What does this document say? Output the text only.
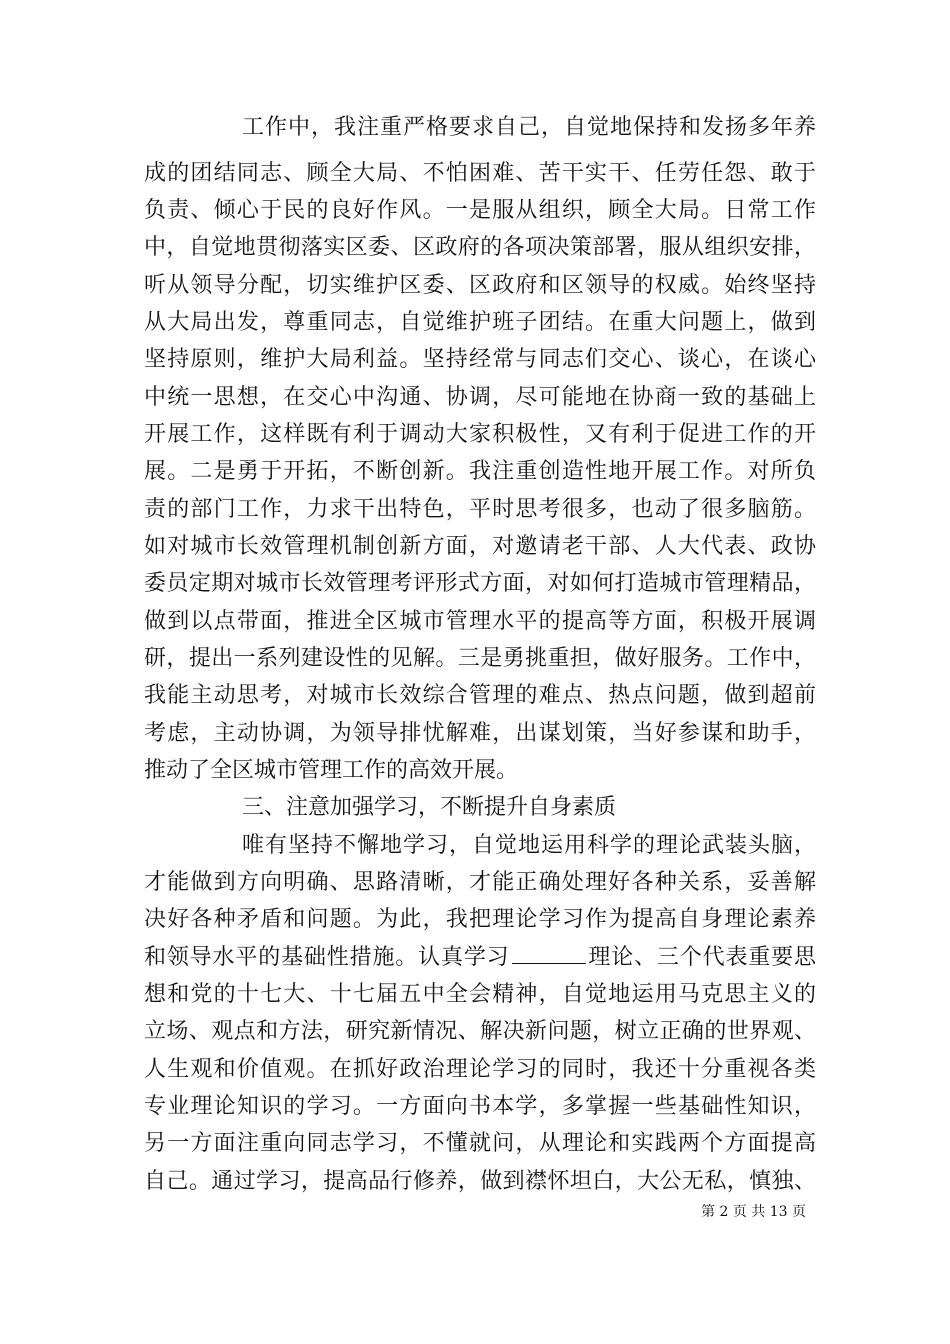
工作中，我注重严格要求自己，自觉地保持和发扬多年养
成的团结同志、顾全大局、不怕困难、苦干实干、任劳任怨、敢于
负责、倾心于民的良好作风。一是服从组织，顾全大局。日常工作
中，自觉地贯彻落实区委、区政府的各项决策部署，服从组织安排，
听从领导分配，切实维护区委、区政府和区领导的权威。始终坚持
从大局出发，尊重同志，自觉维护班子团结。在重大问题上，做到
坚持原则，维护大局利益。坚持经常与同志们交心、谈心，在谈心
中统一思想，在交心中沟通、协调，尽可能地在协商一致的基础上
开展工作，这样既有利于调动大家积极性，又有利于促进工作的开
展。二是勇于开拓，不断创新。我注重创造性地开展工作。对所负
责的部门工作，力求干出特色，平时思考很多，也动了很多脑筋。
如对城市长效管理机制创新方面，对邀请老干部、人大代表、政协
委员定期对城市长效管理考评形式方面，对如何打造城市管理精品，
做到以点带面，推进全区城市管理水平的提高等方面，积极开展调
研，提出一系列建设性的见解。三是勇挑重担，做好服务。工作中，
我能主动思考，对城市长效综合管理的难点、热点问题，做到超前
考虑，主动协调，为领导排忧解难，出谋划策，当好参谋和助手，
推动了全区城市管理工作的高效开展。
三、注意加强学习，不断提升自身素质
唯有坚持不懈地学习，自觉地运用科学的理论武装头脑，
才能做到方向明确、思路清晰，才能正确处理好各种关系，妥善解
决好各种矛盾和问题。为此，我把理论学习作为提高自身理论素养
和领导水平的基础性措施。认真学习	理论、三个代表重要思
想和党的十七大、十七届五中全会精神，自觉地运用马克思主义的
立场、观点和方法，研究新情况、解决新问题，树立正确的世界观、
人生观和价值观。在抓好政治理论学习的同时，我还十分重视各类
专业理论知识的学习。一方面向书本学，多掌握一些基础性知识，
另一方面注重向同志学习，不懂就问，从理论和实践两个方面提高
自己。通过学习，提高品行修养，做到襟怀坦白，大公无私，慎独、
第 2 页 共 13 页
